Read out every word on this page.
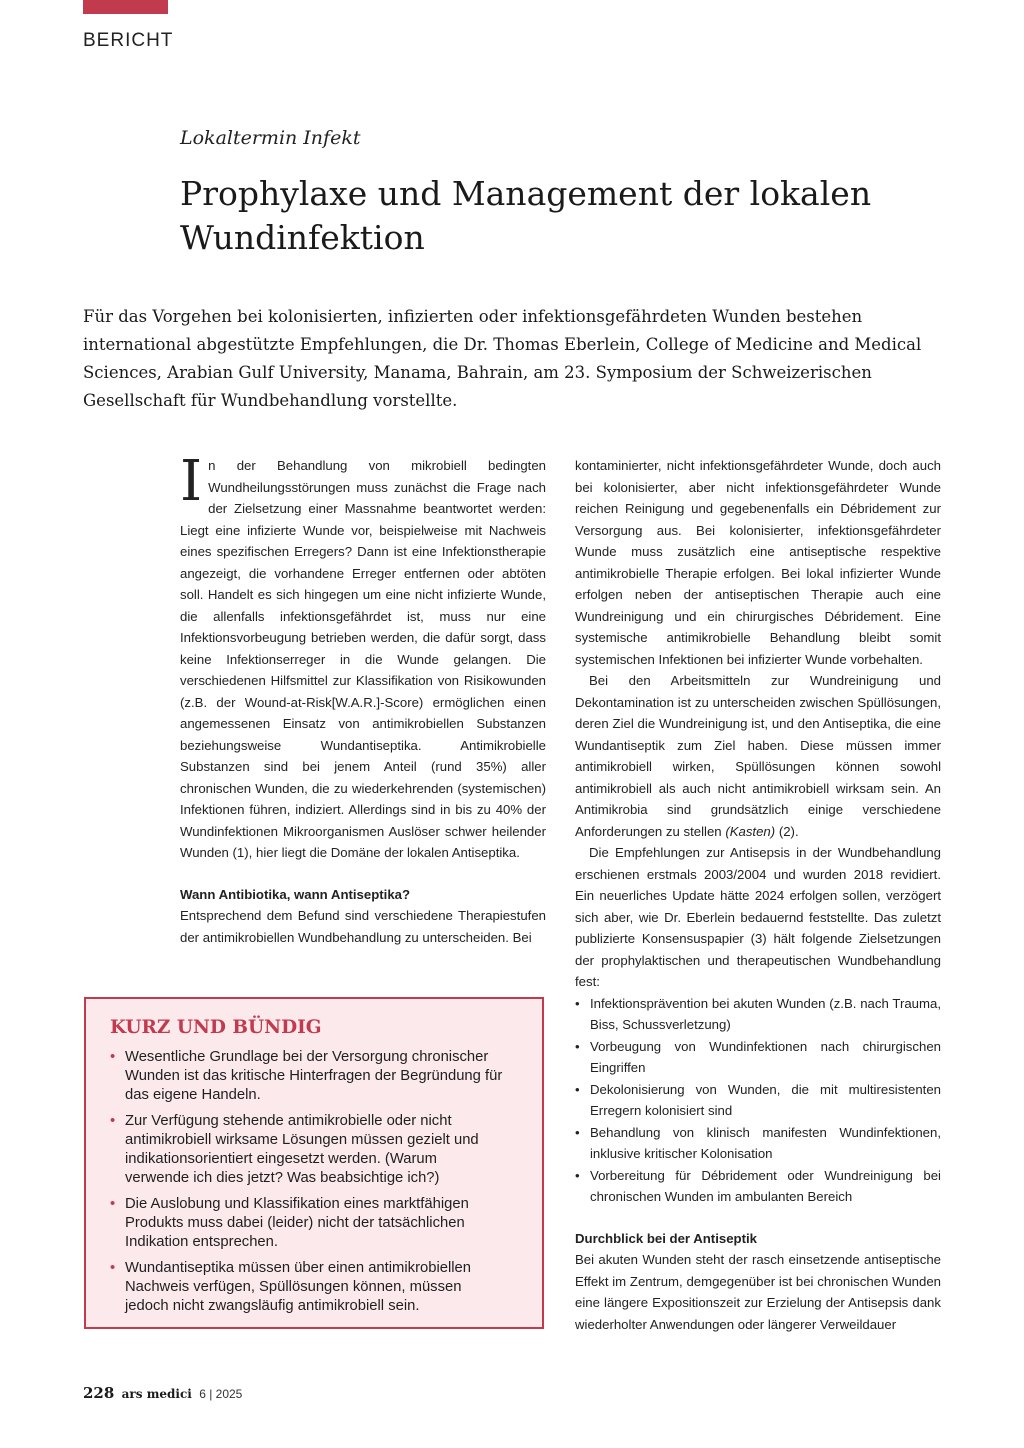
BERICHT
Lokaltermin Infekt
Prophylaxe und Management der lokalen Wundinfektion

Für das Vorgehen bei kolonisierten, infizierten oder infektionsgefährdeten Wunden bestehen international abgestützte Empfehlungen, die Dr. Thomas Eberlein, College of Medicine and Medical Sciences, Arabian Gulf University, Manama, Bahrain, am 23. Symposium der Schweizerischen Gesellschaft für Wundbehandlung vorstellte.

In der Behandlung von mikrobiell bedingten Wundheilungsstörungen muss zunächst die Frage nach der Zielsetzung einer Massnahme beantwortet werden: Liegt eine infizierte Wunde vor, beispielweise mit Nachweis eines spezifischen Erregers? Dann ist eine Infektionstherapie angezeigt, die vorhandene Erreger entfernen oder abtöten soll. Handelt es sich hingegen um eine nicht infizierte Wunde, die allenfalls infektionsgefährdet ist, muss nur eine Infektionsvorbeugung betrieben werden, die dafür sorgt, dass keine Infektionserreger in die Wunde gelangen. Die verschiedenen Hilfsmittel zur Klassifikation von Risikowunden (z.B. der Wound-at-Risk[W.A.R.]-Score) ermöglichen einen angemessenen Einsatz von antimikrobiellen Substanzen beziehungsweise Wundantiseptika. Antimikrobielle Substanzen sind bei jenem Anteil (rund 35%) aller chronischen Wunden, die zu wiederkehrenden (systemischen) Infektionen führen, indiziert. Allerdings sind in bis zu 40% der Wundinfektionen Mikroorganismen Auslöser schwer heilender Wunden (1), hier liegt die Domäne der lokalen Antiseptika.

Wann Antibiotika, wann Antiseptika?

Entsprechend dem Befund sind verschiedene Therapiestufen der antimikrobiellen Wundbehandlung zu unterscheiden. Bei

kontaminierter, nicht infektionsgefährdeter Wunde, doch auch bei kolonisierter, aber nicht infektionsgefährdeter Wunde reichen Reinigung und gegebenenfalls ein Débridement zur Versorgung aus. Bei kolonisierter, infektionsgefährdeter Wunde muss zusätzlich eine antiseptische respektive antimikrobielle Therapie erfolgen. Bei lokal infizierter Wunde erfolgen neben der antiseptischen Therapie auch eine Wundreinigung und ein chirurgisches Débridement. Eine systemische antimikrobielle Behandlung bleibt somit systemischen Infektionen bei infizierter Wunde vorbehalten.

Bei den Arbeitsmitteln zur Wundreinigung und Dekontamination ist zu unterscheiden zwischen Spüllösungen, deren Ziel die Wundreinigung ist, und den Antiseptika, die eine Wundantiseptik zum Ziel haben. Diese müssen immer antimikrobiell wirken, Spüllösungen können sowohl antimikrobiell als auch nicht antimikrobiell wirksam sein. An Antimikrobia sind grundsätzlich einige verschiedene Anforderungen zu stellen (Kasten) (2).

Die Empfehlungen zur Antisepsis in der Wundbehandlung erschienen erstmals 2003/2004 und wurden 2018 revidiert. Ein neuerliches Update hätte 2024 erfolgen sollen, verzögert sich aber, wie Dr. Eberlein bedauernd feststellte. Das zuletzt publizierte Konsensuspapier (3) hält folgende Zielsetzungen der prophylaktischen und therapeutischen Wundbehandlung fest:

• Infektionsprävention bei akuten Wunden (z.B. nach Trauma, Biss, Schussverletzung)
• Vorbeugung von Wundinfektionen nach chirurgischen Eingriffen
• Dekolonisierung von Wunden, die mit multiresistenten Erregern kolonisiert sind
• Behandlung von klinisch manifesten Wundinfektionen, inklusive kritischer Kolonisation
• Vorbereitung für Débridement oder Wundreinigung bei chronischen Wunden im ambulanten Bereich

Durchblick bei der Antiseptik

Bei akuten Wunden steht der rasch einsetzende antiseptische Effekt im Zentrum, demgegenüber ist bei chronischen Wunden eine längere Expositionszeit zur Erzielung der Antisepsis dank wiederholter Anwendungen oder längerer Verweildauer

KURZ UND BÜNDIG
• Wesentliche Grundlage bei der Versorgung chronischer Wunden ist das kritische Hinterfragen der Begründung für das eigene Handeln.
• Zur Verfügung stehende antimikrobielle oder nicht antimikrobiell wirksame Lösungen müssen gezielt und indikationsorientiert eingesetzt werden. (Warum verwende ich dies jetzt? Was beabsichtige ich?)
• Die Auslobung und Klassifikation eines marktfähigen Produkts muss dabei (leider) nicht der tatsächlichen Indikation entsprechen.
• Wundantiseptika müssen über einen antimikrobiellen Nachweis verfügen, Spüllösungen können, müssen jedoch nicht zwangsläufig antimikrobiell sein.
228 ars medici 6 | 2025
